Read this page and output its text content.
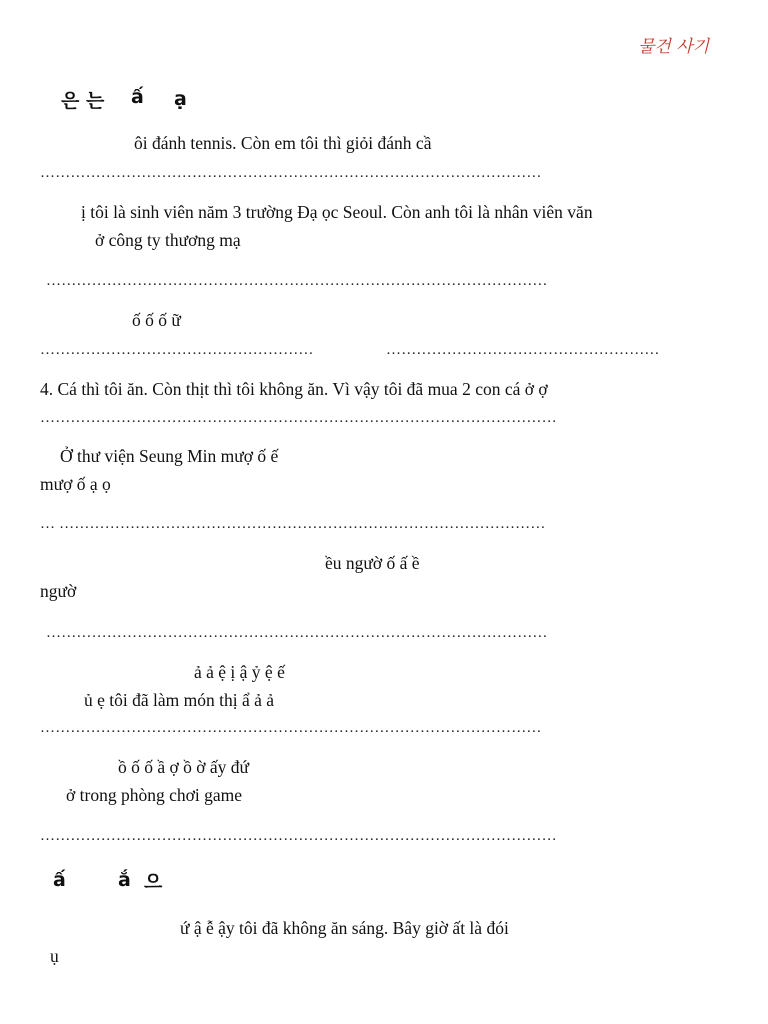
물건 사기
은 는 ấ ạ
ôi đánh tennis. Còn em tôi thì giỏi đánh cầ
………………………………………………………………………………………
ị tôi là sinh viên năm 3 trường Đạ ọc Seoul. Còn anh tôi là nhân viên văn
ở công ty thương mạ
………………………………………………………………………………………
ố ố ố ữ
………………………………………………	………………………………………………
4. Cá thì tôi ăn. Còn thịt thì tôi không ăn. Vì vậy tôi đã mua 2 con cá ở ợ
…………………………………………………………………………………………
Ở thư viện Seung Min mượ ố ế
mượ ố ạ ọ
… ……………………………………………………………………………………
ều ngườ ố ấ ề
ngườ
………………………………………………………………………………………
ả ả ệ ị ậ ỷ ệ ế
ủ ẹ tôi đã làm món thị ẩ ả ả
………………………………………………………………………………………
ồ ố ố ầ ợ ồ ờ ấy đứ
ở trong phòng chơi game
…………………………………………………………………………………………
ấ	ắ 으
ứ ậ ễ ậy tôi đã không ăn sáng. Bây giờ ất là đói
ụ
